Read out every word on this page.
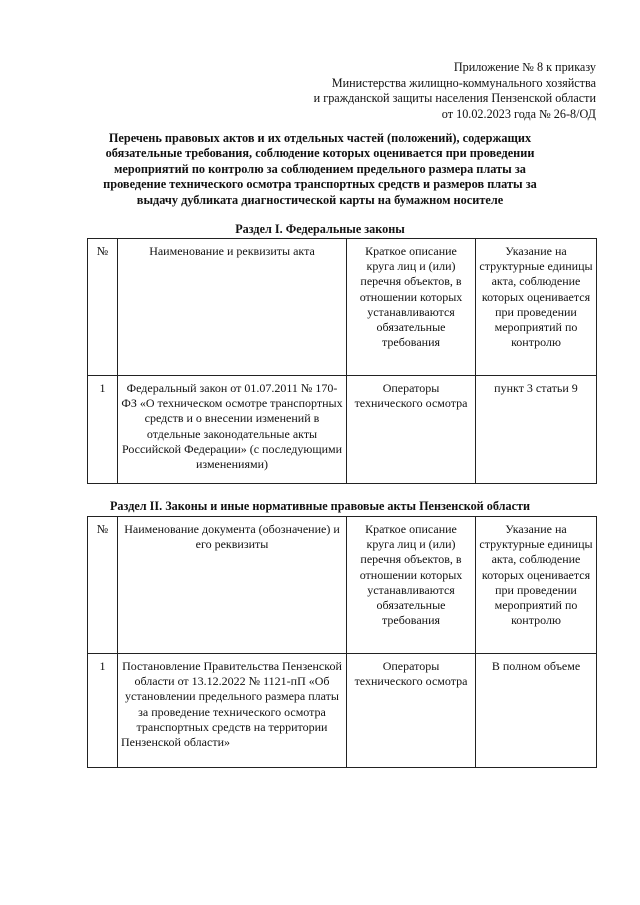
Приложение № 8 к приказу
Министерства жилищно-коммунального хозяйства
и гражданской защиты населения Пензенской области
от 10.02.2023 года № 26-8/ОД
Перечень правовых актов и их отдельных частей (положений), содержащих обязательные требования, соблюдение которых оценивается при проведении мероприятий по контролю за соблюдением предельного размера платы за проведение технического осмотра транспортных средств и размеров платы за выдачу дубликата диагностической карты на бумажном носителе
Раздел I. Федеральные законы
№	Наименование и реквизиты акта	Краткое описание круга лиц и (или) перечня объектов, в отношении которых устанавливаются обязательные требования	Указание на структурные единицы акта, соблюдение которых оценивается при проведении мероприятий по контролю
1	Федеральный закон от 01.07.2011 № 170-ФЗ «О техническом осмотре транспортных средств и о внесении изменений в отдельные законодательные акты Российской Федерации» (с последующими изменениями)	Операторы технического осмотра	пункт 3 статьи 9
Раздел II. Законы и иные нормативные правовые акты Пензенской области
№	Наименование документа (обозначение) и его реквизиты	Краткое описание круга лиц и (или) перечня объектов, в отношении которых устанавливаются обязательные требования	Указание на структурные единицы акта, соблюдение которых оценивается при проведении мероприятий по контролю
1	Постановление Правительства Пензенской области от 13.12.2022 № 1121-пП «Об установлении предельного размера платы за проведение технического осмотра транспортных средств на территории Пензенской области»	Операторы технического осмотра	В полном объеме
